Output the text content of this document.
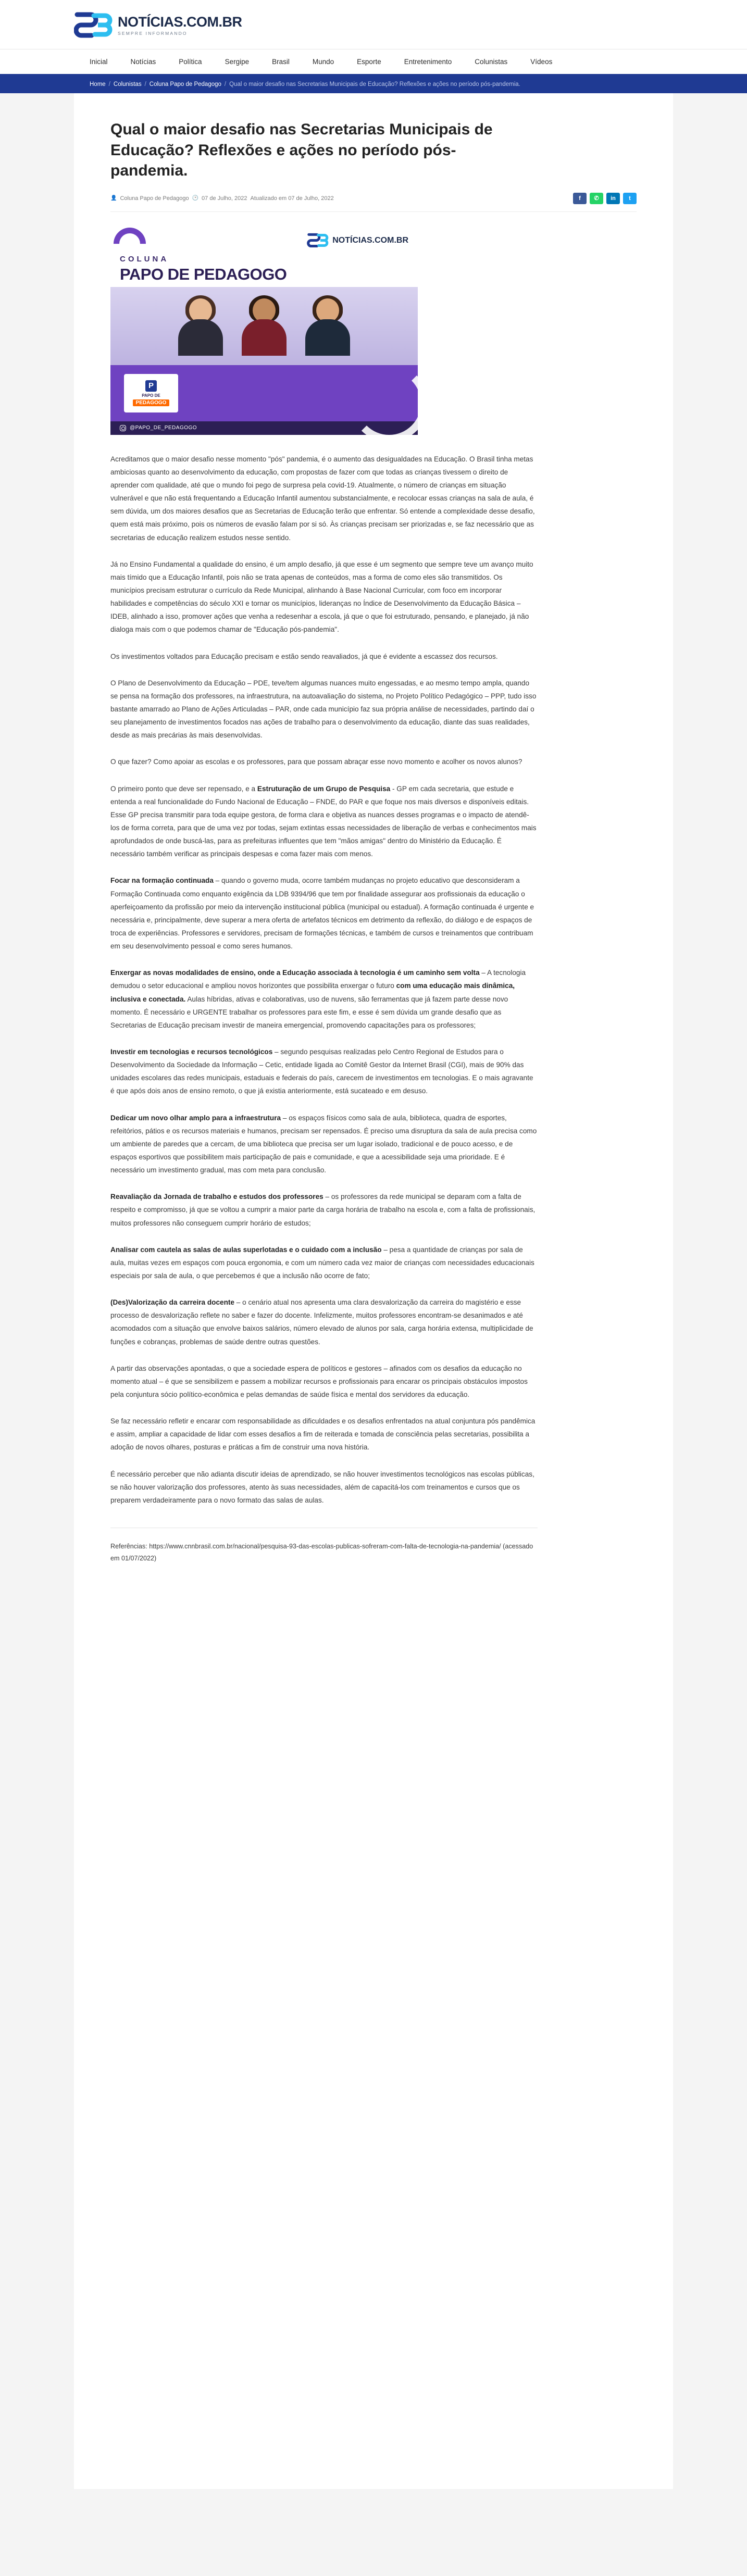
NOTÍCIAS.COM.BR
SEMPRE INFORMANDO
Inicial	Notícias	Política	Sergipe	Brasil	Mundo	Esporte	Entretenimento	Colunistas	Vídeos
Home / Colunistas / Coluna Papo de Pedagogo / Qual o maior desafio nas Secretarias Municipais de Educação? Reflexões e ações no período pós-pandemia.
Qual o maior desafio nas Secretarias Municipais de Educação? Reflexões e ações no período pós-pandemia.
👤 Coluna Papo de Pedagogo 🕑 07 de Julho, 2022 Atualizado em 07 de Julho, 2022	f	✆	in	t
COLUNA
NOTÍCIAS.COM.BR
PAPO DE PEDAGOGO
P
PAPO DE
PEDAGOGO
@PAPO_DE_PEDAGOGO

Acreditamos que o maior desafio nesse momento "pós" pandemia, é o aumento das desigualdades na Educação. O Brasil tinha metas ambiciosas quanto ao desenvolvimento da educação, com propostas de fazer com que todas as crianças tivessem o direito de aprender com qualidade, até que o mundo foi pego de surpresa pela covid-19. Atualmente, o número de crianças em situação vulnerável e que não está frequentando a Educação Infantil aumentou substancialmente, e recolocar essas crianças na sala de aula, é sem dúvida, um dos maiores desafios que as Secretarias de Educação terão que enfrentar. Só entende a complexidade desse desafio, quem está mais próximo, pois os números de evasão falam por si só. Às crianças precisam ser priorizadas e, se faz necessário que as secretarias de educação realizem estudos nesse sentido.

Já no Ensino Fundamental a qualidade do ensino, é um amplo desafio, já que esse é um segmento que sempre teve um avanço muito mais tímido que a Educação Infantil, pois não se trata apenas de conteúdos, mas a forma de como eles são transmitidos. Os municípios precisam estruturar o currículo da Rede Municipal, alinhando à Base Nacional Curricular, com foco em incorporar habilidades e competências do século XXI e tornar os municípios, lideranças no Índice de Desenvolvimento da Educação Básica – IDEB, alinhado a isso, promover ações que venha a redesenhar a escola, já que o que foi estruturado, pensando, e planejado, já não dialoga mais com o que podemos chamar de "Educação pós-pandemia".

Os investimentos voltados para Educação precisam e estão sendo reavaliados, já que é evidente a escassez dos recursos.

O Plano de Desenvolvimento da Educação – PDE, teve/tem algumas nuances muito engessadas, e ao mesmo tempo ampla, quando se pensa na formação dos professores, na infraestrutura, na autoavaliação do sistema, no Projeto Político Pedagógico – PPP, tudo isso bastante amarrado ao Plano de Ações Articuladas – PAR, onde cada município faz sua própria análise de necessidades, partindo daí o seu planejamento de investimentos focados nas ações de trabalho para o desenvolvimento da educação, diante das suas realidades, desde as mais precárias às mais desenvolvidas.

O que fazer? Como apoiar as escolas e os professores, para que possam abraçar esse novo momento e acolher os novos alunos?

O primeiro ponto que deve ser repensado, e a Estruturação de um Grupo de Pesquisa - GP em cada secretaria, que estude e entenda a real funcionalidade do Fundo Nacional de Educação – FNDE, do PAR e que foque nos mais diversos e disponíveis editais. Esse GP precisa transmitir para toda equipe gestora, de forma clara e objetiva as nuances desses programas e o impacto de atendê-los de forma correta, para que de uma vez por todas, sejam extintas essas necessidades de liberação de verbas e conhecimentos mais aprofundados de onde buscá-las, para as prefeituras influentes que tem "mãos amigas" dentro do Ministério da Educação. É necessário também verificar as principais despesas e coma fazer mais com menos.

Focar na formação continuada – quando o governo muda, ocorre também mudanças no projeto educativo que desconsideram a Formação Continuada como enquanto exigência da LDB 9394/96 que tem por finalidade assegurar aos profissionais da educação o aperfeiçoamento da profissão por meio da intervenção institucional pública (municipal ou estadual). A formação continuada é urgente e necessária e, principalmente, deve superar a mera oferta de artefatos técnicos em detrimento da reflexão, do diálogo e de espaços de troca de experiências. Professores e servidores, precisam de formações técnicas, e também de cursos e treinamentos que contribuam em seu desenvolvimento pessoal e como seres humanos.

Enxergar as novas modalidades de ensino, onde a Educação associada à tecnologia é um caminho sem volta – A tecnologia demudou o setor educacional e ampliou novos horizontes que possibilita enxergar o futuro com uma educação mais dinâmica, inclusiva e conectada. Aulas híbridas, ativas e colaborativas, uso de nuvens, são ferramentas que já fazem parte desse novo momento. É necessário e URGENTE trabalhar os professores para este fim, e esse é sem dúvida um grande desafio que as Secretarias de Educação precisam investir de maneira emergencial, promovendo capacitações para os professores;

Investir em tecnologias e recursos tecnológicos – segundo pesquisas realizadas pelo Centro Regional de Estudos para o Desenvolvimento da Sociedade da Informação – Cetic, entidade ligada ao Comitê Gestor da Internet Brasil (CGI), mais de 90% das unidades escolares das redes municipais, estaduais e federais do país, carecem de investimentos em tecnologias. E o mais agravante é que após dois anos de ensino remoto, o que já existia anteriormente, está sucateado e em desuso.

Dedicar um novo olhar amplo para a infraestrutura – os espaços físicos como sala de aula, biblioteca, quadra de esportes, refeitórios, pátios e os recursos materiais e humanos, precisam ser repensados. É preciso uma disruptura da sala de aula precisa como um ambiente de paredes que a cercam, de uma biblioteca que precisa ser um lugar isolado, tradicional e de pouco acesso, e de espaços esportivos que possibilitem mais participação de pais e comunidade, e que a acessibilidade seja uma prioridade. E é necessário um investimento gradual, mas com meta para conclusão.

Reavaliação da Jornada de trabalho e estudos dos professores – os professores da rede municipal se deparam com a falta de respeito e compromisso, já que se voltou a cumprir a maior parte da carga horária de trabalho na escola e, com a falta de profissionais, muitos professores não conseguem cumprir horário de estudos;

Analisar com cautela as salas de aulas superlotadas e o cuidado com a inclusão – pesa a quantidade de crianças por sala de aula, muitas vezes em espaços com pouca ergonomia, e com um número cada vez maior de crianças com necessidades educacionais especiais por sala de aula, o que percebemos é que a inclusão não ocorre de fato;

(Des)Valorização da carreira docente – o cenário atual nos apresenta uma clara desvalorização da carreira do magistério e esse processo de desvalorização reflete no saber e fazer do docente. Infelizmente, muitos professores encontram-se desanimados e até acomodados com a situação que envolve baixos salários, número elevado de alunos por sala, carga horária extensa, multiplicidade de funções e cobranças, problemas de saúde dentre outras questões.

A partir das observações apontadas, o que a sociedade espera de políticos e gestores – afinados com os desafios da educação no momento atual – é que se sensibilizem e passem a mobilizar recursos e profissionais para encarar os principais obstáculos impostos pela conjuntura sócio político-econômica e pelas demandas de saúde física e mental dos servidores da educação.

Se faz necessário refletir e encarar com responsabilidade as dificuldades e os desafios enfrentados na atual conjuntura pós pandêmica e assim, ampliar a capacidade de lidar com esses desafios a fim de reiterada e tomada de consciência pelas secretarias, possibilita a adoção de novos olhares, posturas e práticas a fim de construir uma nova história.

É necessário perceber que não adianta discutir ideias de aprendizado, se não houver investimentos tecnológicos nas escolas públicas, se não houver valorização dos professores, atento às suas necessidades, além de capacitá-los com treinamentos e cursos que os preparem verdadeiramente para o novo formato das salas de aulas.

Referências: https://www.cnnbrasil.com.br/nacional/pesquisa-93-das-escolas-publicas-sofreram-com-falta-de-tecnologia-na-pandemia/ (acessado em 01/07/2022)
